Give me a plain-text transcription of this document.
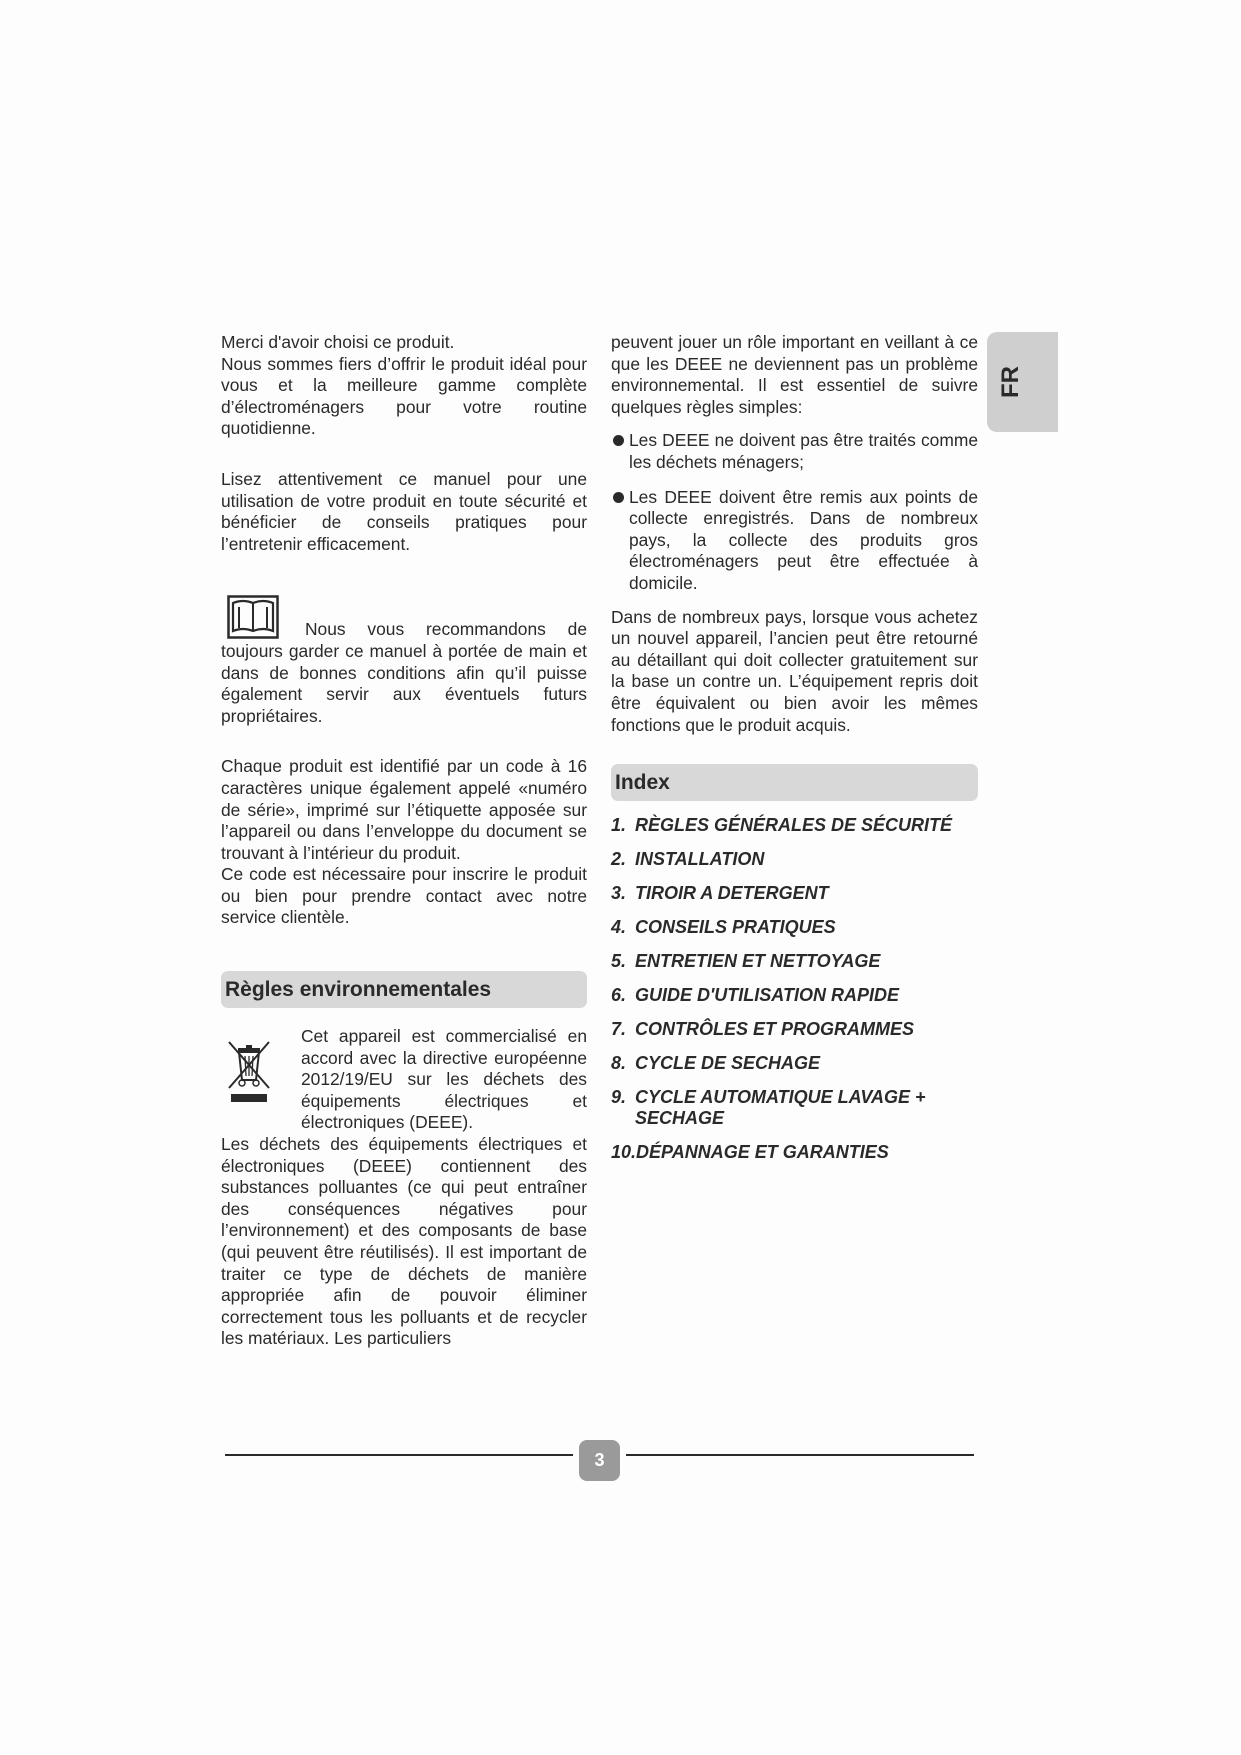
FR

Merci d'avoir choisi ce produit.

Nous sommes fiers d’offrir le produit idéal pour vous et la meilleure gamme complète d’électroménagers pour votre routine quotidienne.

Lisez attentivement ce manuel pour une utilisation de votre produit en toute sécurité et bénéficier de conseils pratiques pour l’entretenir efficacement.

Nous vous recommandons de toujours garder ce manuel à portée de main et dans de bonnes conditions afin qu’il puisse également servir aux éventuels futurs propriétaires.

Chaque produit est identifié par un code à 16 caractères unique également appelé «numéro de série», imprimé sur l’étiquette apposée sur l’appareil ou dans l’enveloppe du document se trouvant à l’intérieur du produit.

Ce code est nécessaire pour inscrire le produit ou bien pour prendre contact avec notre service clientèle.

Règles environnementales

Cet appareil est commercialisé en accord avec la directive européenne 2012/19/EU sur les déchets des équipements électriques et électroniques (DEEE).

Les déchets des équipements électriques et électroniques (DEEE) contiennent des substances polluantes (ce qui peut entraîner des conséquences négatives pour l’environnement) et des composants de base (qui peuvent être réutilisés). Il est important de traiter ce type de déchets de manière appropriée afin de pouvoir éliminer correctement tous les polluants et de recycler les matériaux. Les particuliers

peuvent jouer un rôle important en veillant à ce que les DEEE ne deviennent pas un problème environnemental. Il est essentiel de suivre quelques règles simples:

Les DEEE ne doivent pas être traités comme les déchets ménagers;
Les DEEE doivent être remis aux points de collecte enregistrés. Dans de nombreux pays, la collecte des produits gros électroménagers peut être effectuée à domicile.

Dans de nombreux pays, lorsque vous achetez un nouvel appareil, l’ancien peut être retourné au détaillant qui doit collecter gratuitement sur la base un contre un. L’équipement repris doit être équivalent ou bien avoir les mêmes fonctions que le produit acquis.

Index
1. RÈGLES GÉNÉRALES DE SÉCURITÉ
2. INSTALLATION
3. TIROIR A DETERGENT
4. CONSEILS PRATIQUES
5. ENTRETIEN ET NETTOYAGE
6. GUIDE D'UTILISATION RAPIDE
7. CONTRÔLES ET PROGRAMMES
8. CYCLE DE SECHAGE
9. CYCLE AUTOMATIQUE LAVAGE + SECHAGE
10. DÉPANNAGE ET GARANTIES
3
